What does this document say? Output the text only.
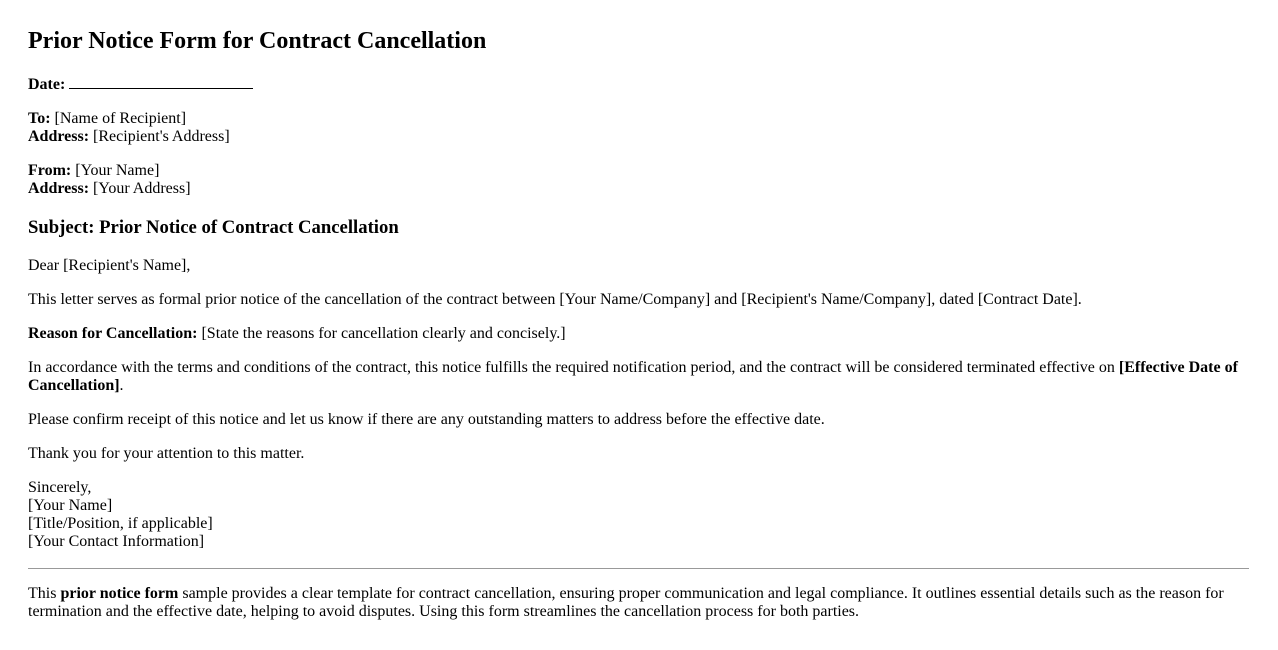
Prior Notice Form for Contract Cancellation

Date:

To: [Name of Recipient]
Address: [Recipient's Address]

From: [Your Name]
Address: [Your Address]

Subject: Prior Notice of Contract Cancellation

Dear [Recipient's Name],

This letter serves as formal prior notice of the cancellation of the contract between [Your Name/Company] and [Recipient's Name/Company], dated [Contract Date].

Reason for Cancellation: [State the reasons for cancellation clearly and concisely.]

In accordance with the terms and conditions of the contract, this notice fulfills the required notification period, and the contract will be considered terminated effective on [Effective Date of Cancellation].

Please confirm receipt of this notice and let us know if there are any outstanding matters to address before the effective date.

Thank you for your attention to this matter.

Sincerely,
[Your Name]
[Title/Position, if applicable]
[Your Contact Information]

This prior notice form sample provides a clear template for contract cancellation, ensuring proper communication and legal compliance. It outlines essential details such as the reason for termination and the effective date, helping to avoid disputes. Using this form streamlines the cancellation process for both parties.
